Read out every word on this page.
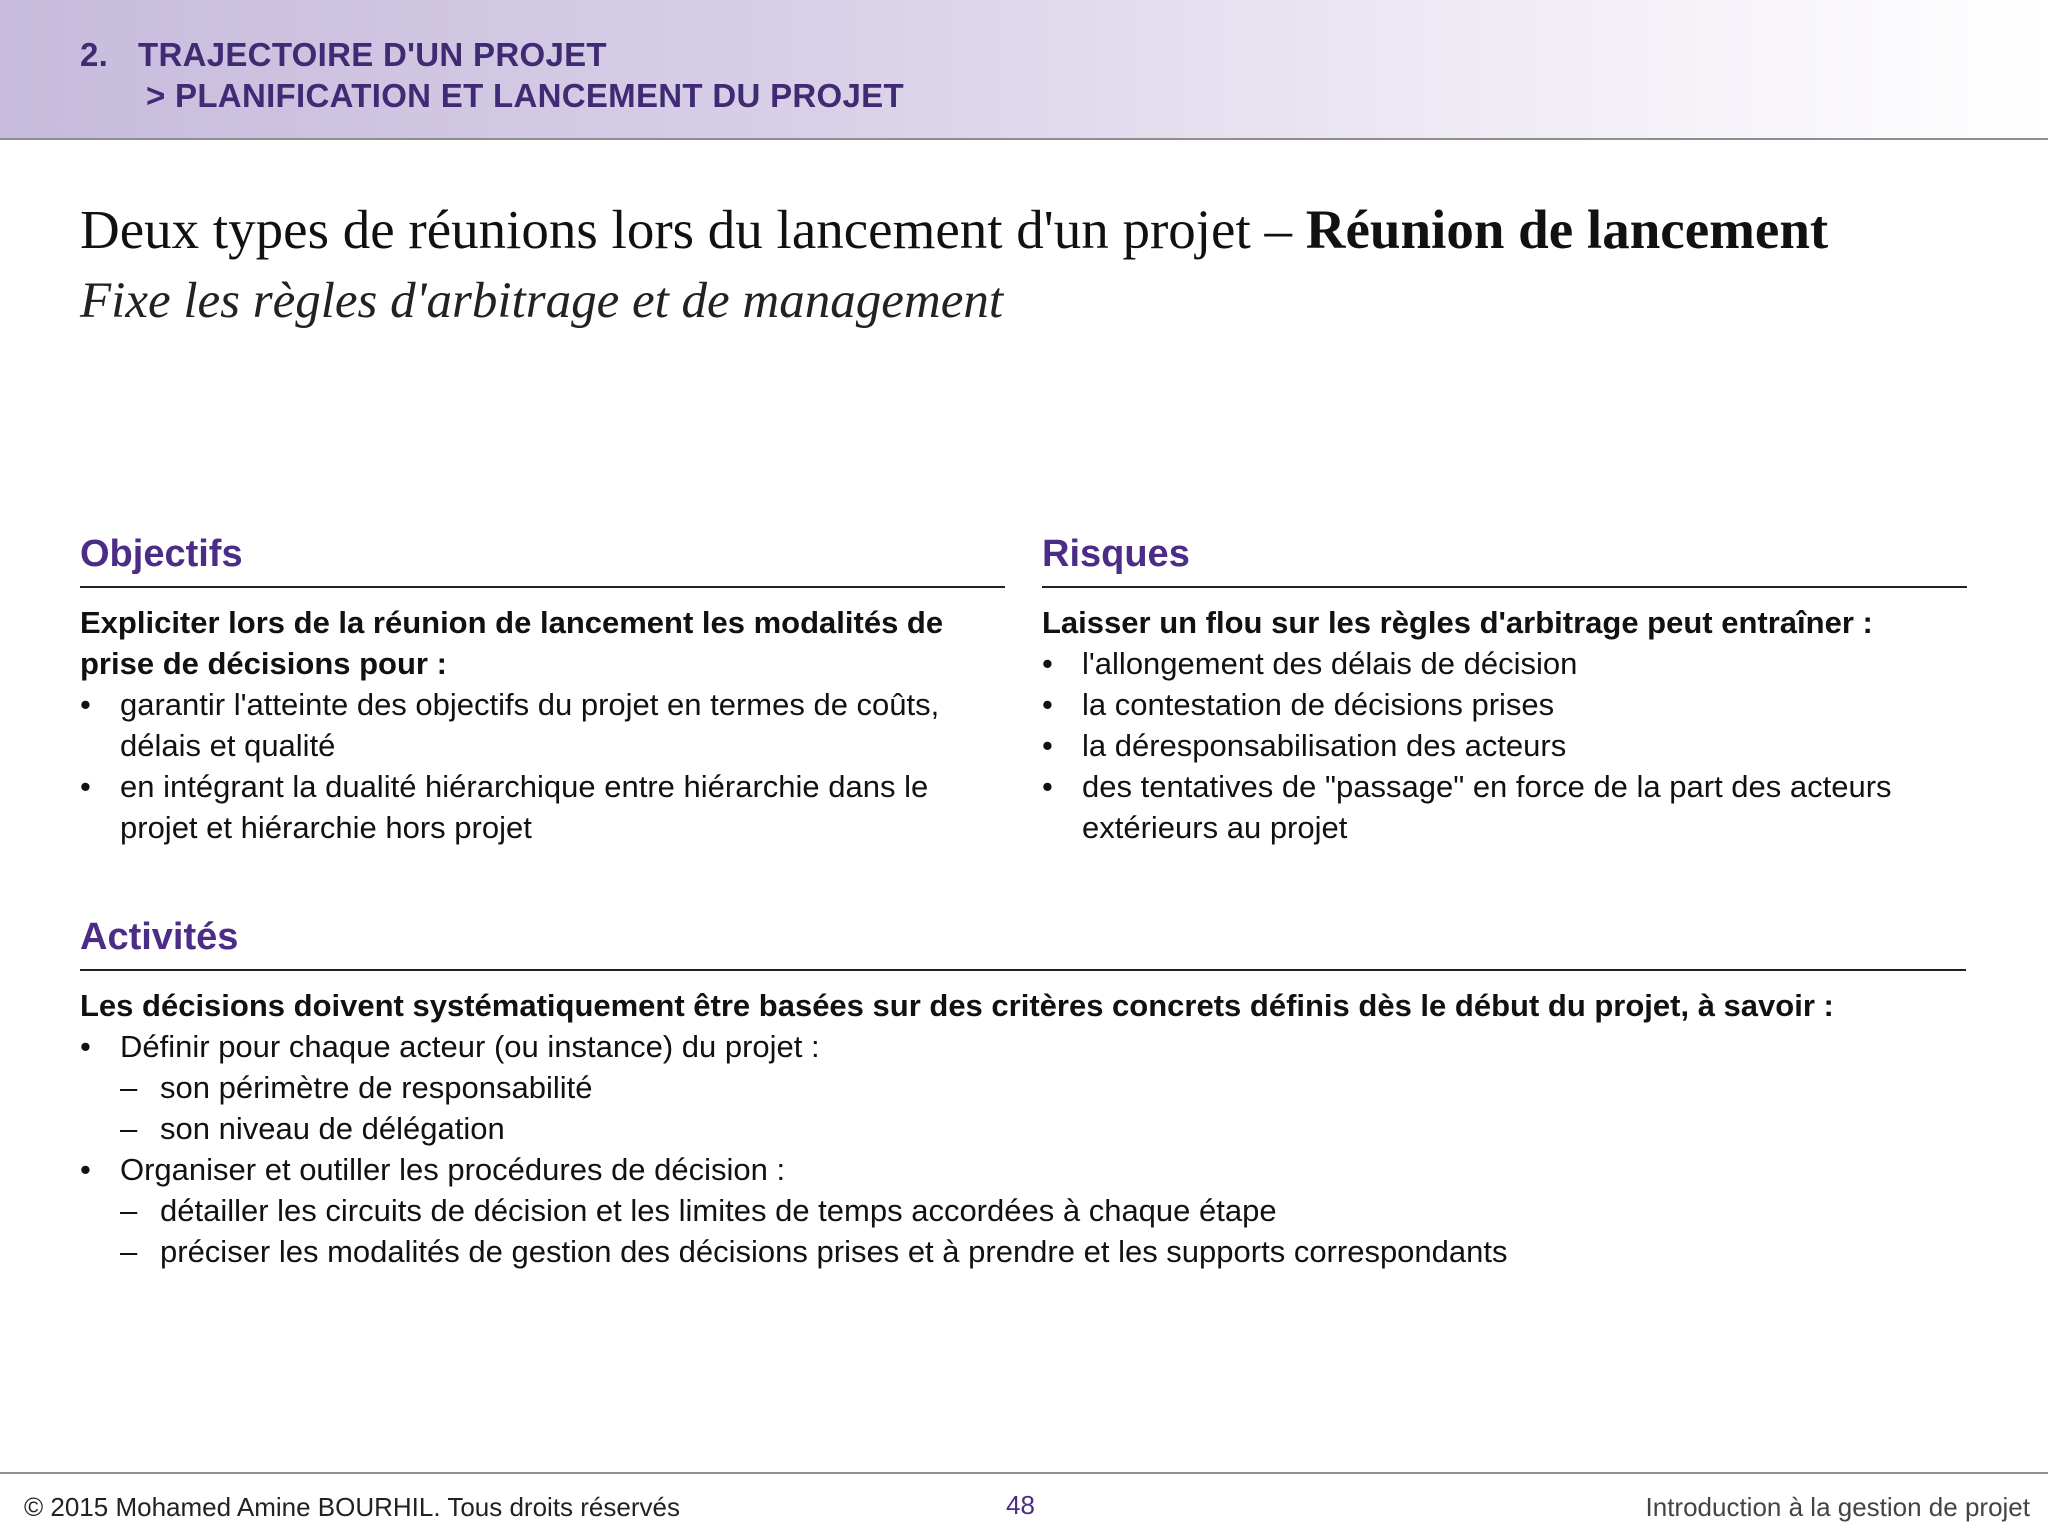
2. TRAJECTOIRE D'UN PROJET
> PLANIFICATION ET LANCEMENT DU PROJET
Deux types de réunions lors du lancement d'un projet – Réunion de lancement
Fixe les règles d'arbitrage et de management
Objectifs
Expliciter lors de la réunion de lancement les modalités de prise de décisions pour :
• garantir l'atteinte des objectifs du projet en termes de coûts, délais et qualité
• en intégrant la dualité hiérarchique entre hiérarchie dans le projet et hiérarchie hors projet
Risques
Laisser un flou sur les règles d'arbitrage peut entraîner :
• l'allongement des délais de décision
• la contestation de décisions prises
• la déresponsabilisation des acteurs
• des tentatives de "passage" en force de la part des acteurs extérieurs au projet
Activités
Les décisions doivent systématiquement être basées sur des critères concrets définis dès le début du projet, à savoir :
• Définir pour chaque acteur (ou instance) du projet :
– son périmètre de responsabilité
– son niveau de délégation
• Organiser et outiller les procédures de décision :
– détailler les circuits de décision et les limites de temps accordées à chaque étape
– préciser les modalités de gestion des décisions prises et à prendre et les supports correspondants
© 2015 Mohamed Amine BOURHIL. Tous droits réservés	48	Introduction à la gestion de projet
